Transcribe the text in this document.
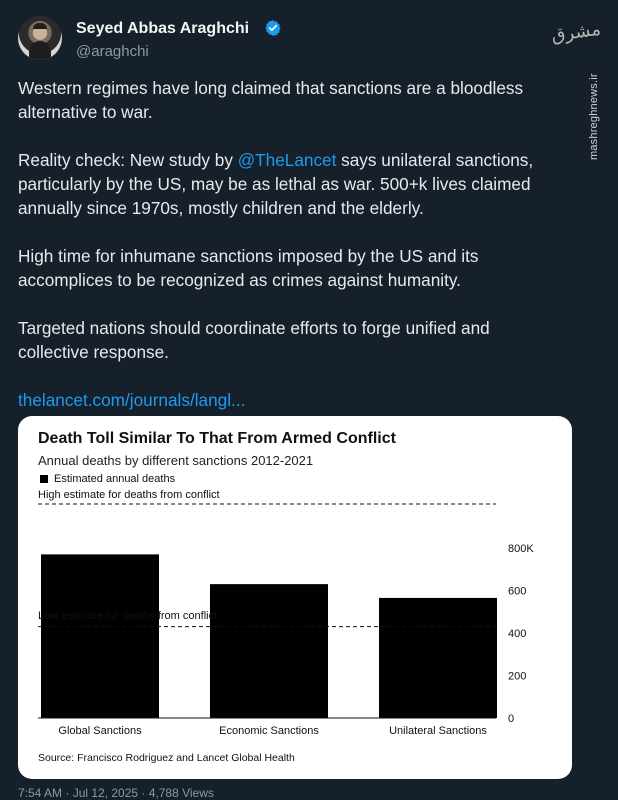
Seyed Abbas Araghchi
@araghchi
مشرق
mashreghnews.ir

Western regimes have long claimed that sanctions are a bloodless alternative to war.

Reality check: New study by @TheLancet says unilateral sanctions, particularly by the US, may be as lethal as war. 500+k lives claimed annually since 1970s, mostly children and the elderly.

High time for inhumane sanctions imposed by the US and its accomplices to be recognized as crimes against humanity.

Targeted nations should coordinate efforts to forge unified and collective response.

thelancet.com/journals/langl...

Global Sanctions	Economic Sanctions	Unilateral Sanctions
0
200
400
600
800K
Death Toll Similar To That From Armed Conflict
Annual deaths by different sanctions 2012-2021
Estimated annual deaths
High estimate for deaths from conflict
Low estimate for deaths from conflict
Source: Francisco Rodriguez and Lancet Global Health
7:54 AM · Jul 12, 2025 · 4,788 Views
